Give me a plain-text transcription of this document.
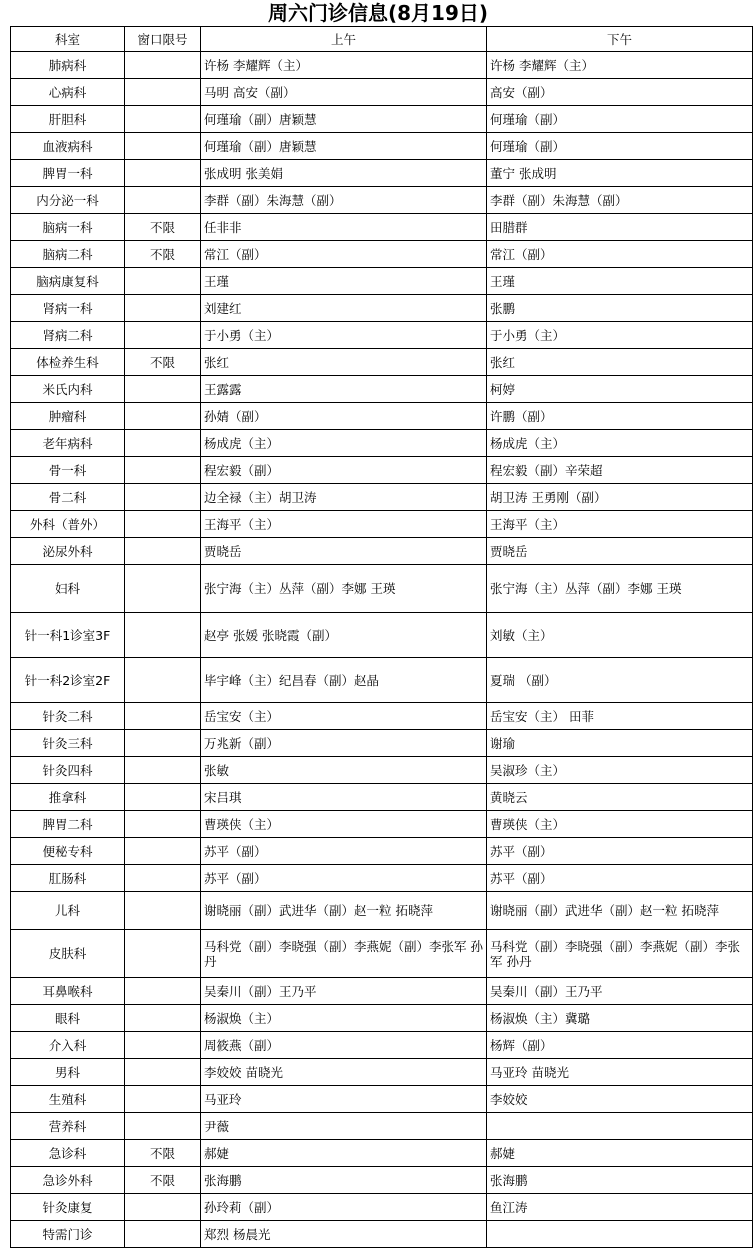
周六门诊信息(8月19日)
科室	窗口限号	上午	下午
肺病科		许杨 李耀辉（主）	许杨 李耀辉（主）
心病科		马明 高安（副）	高安（副）
肝胆科		何瑾瑜（副）唐颖慧	何瑾瑜（副）
血液病科		何瑾瑜（副）唐颖慧	何瑾瑜（副）
脾胃一科		张成明 张美娟	董宁 张成明
内分泌一科		李群（副）朱海慧（副）	李群（副）朱海慧（副）
脑病一科	不限	任非非	田腊群
脑病二科	不限	常江（副）	常江（副）
脑病康复科		王瑾	王瑾
肾病一科		刘建红	张鹏
肾病二科		于小勇（主）	于小勇（主）
体检养生科	不限	张红	张红
米氏内科		王露露	柯婷
肿瘤科		孙婧（副）	许鹏（副）
老年病科		杨成虎（主）	杨成虎（主）
骨一科		程宏毅（副）	程宏毅（副）辛荣超
骨二科		边全禄（主）胡卫涛	胡卫涛 王勇刚（副）
外科（普外）		王海平（主）	王海平（主）
泌尿外科		贾晓岳	贾晓岳
妇科		张宁海（主）丛萍（副）李娜 王瑛	张宁海（主）丛萍（副）李娜 王瑛
针一科1诊室3F		赵亭 张媛 张晓霞（副）	刘敏（主）
针一科2诊室2F		毕宇峰（主）纪昌春（副）赵晶	夏瑞 （副）
针灸二科		岳宝安（主）	岳宝安（主） 田菲
针灸三科		万兆新（副）	谢瑜
针灸四科		张敏	吴淑珍（主）
推拿科		宋吕琪	黄晓云
脾胃二科		曹瑛侠（主）	曹瑛侠（主）
便秘专科		苏平（副）	苏平（副）
肛肠科		苏平（副）	苏平（副）
儿科		谢晓丽（副）武进华（副）赵一粒 拓晓萍	谢晓丽（副）武进华（副）赵一粒 拓晓萍
皮肤科		马科党（副）李晓强（副）李燕妮（副）李张军 孙丹	马科党（副）李晓强（副）李燕妮（副）李张军 孙丹
耳鼻喉科		吴秦川（副）王乃平	吴秦川（副）王乃平
眼科		杨淑焕（主）	杨淑焕（主）冀璐
介入科		周筱燕（副）	杨辉（副）
男科		李姣姣 苗晓光	马亚玲 苗晓光
生殖科		马亚玲	李姣姣
营养科		尹薇	
急诊科	不限	郝婕	郝婕
急诊外科	不限	张海鹏	张海鹏
针灸康复		孙玲莉（副）	鱼江涛
特需门诊		郑烈 杨晨光	
